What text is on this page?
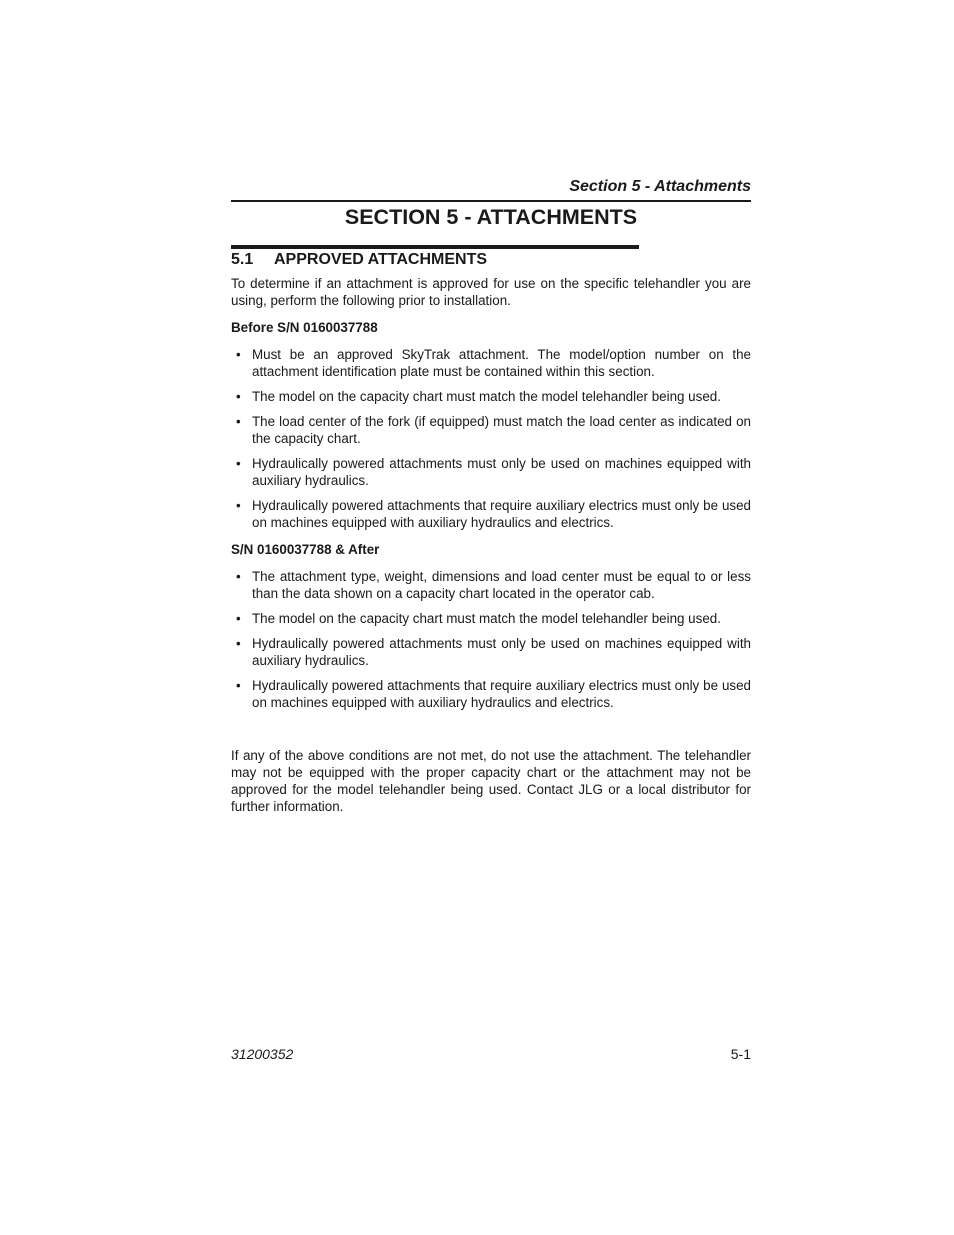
Section 5 - Attachments
SECTION 5 - ATTACHMENTS
5.1 APPROVED ATTACHMENTS

To determine if an attachment is approved for use on the specific telehandler you are using, perform the following prior to installation.

Before S/N 0160037788

• Must be an approved SkyTrak attachment. The model/option number on the attachment identification plate must be contained within this section.
• The model on the capacity chart must match the model telehandler being used.
• The load center of the fork (if equipped) must match the load center as indicated on the capacity chart.
• Hydraulically powered attachments must only be used on machines equipped with auxiliary hydraulics.
• Hydraulically powered attachments that require auxiliary electrics must only be used on machines equipped with auxiliary hydraulics and electrics.

S/N 0160037788 & After

• The attachment type, weight, dimensions and load center must be equal to or less than the data shown on a capacity chart located in the operator cab.
• The model on the capacity chart must match the model telehandler being used.
• Hydraulically powered attachments must only be used on machines equipped with auxiliary hydraulics.
• Hydraulically powered attachments that require auxiliary electrics must only be used on machines equipped with auxiliary hydraulics and electrics.

If any of the above conditions are not met, do not use the attachment. The telehandler may not be equipped with the proper capacity chart or the attachment may not be approved for the model telehandler being used. Contact JLG or a local distributor for further information.

31200352	5-1
